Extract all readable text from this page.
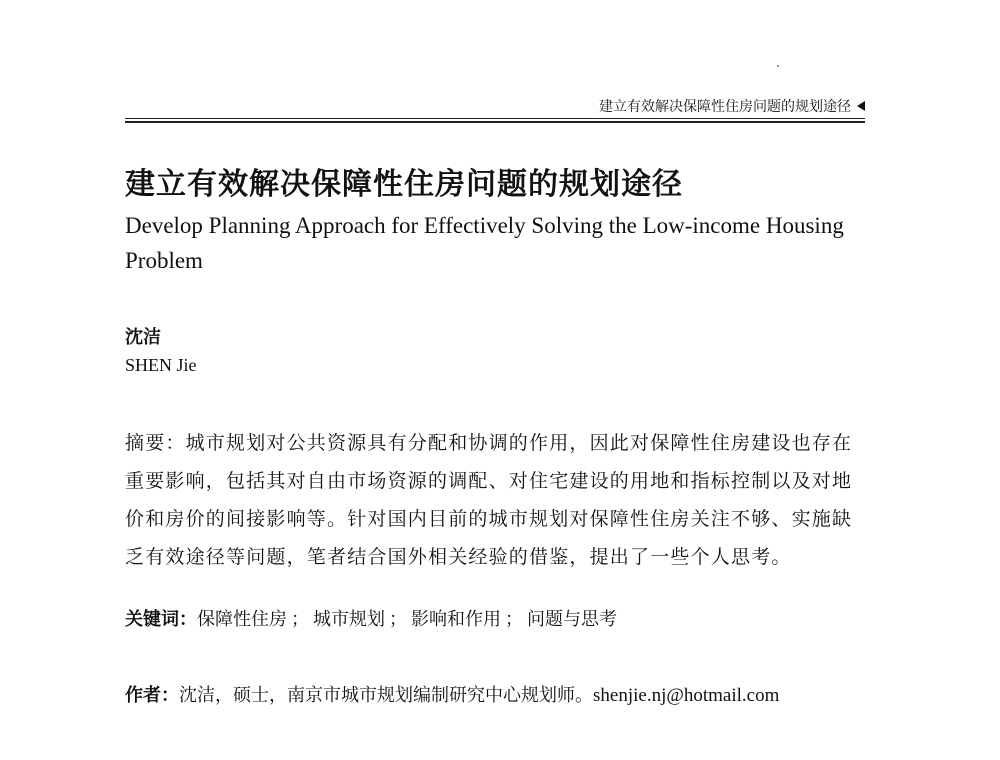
建立有效解决保障性住房问题的规划途径
建立有效解决保障性住房问题的规划途径
Develop Planning Approach for Effectively Solving the Low-income Housing Problem
沈洁
SHEN Jie
摘要：城市规划对公共资源具有分配和协调的作用，因此对保障性住房建设也存在重要影响，包括其对自由市场资源的调配、对住宅建设的用地和指标控制以及对地价和房价的间接影响等。针对国内目前的城市规划对保障性住房关注不够、实施缺乏有效途径等问题，笔者结合国外相关经验的借鉴，提出了一些个人思考。
关键词：保障性住房 ； 城市规划 ； 影响和作用 ； 问题与思考
作者：沈洁，硕士，南京市城市规划编制研究中心规划师。shenjie.nj@hotmail.com
